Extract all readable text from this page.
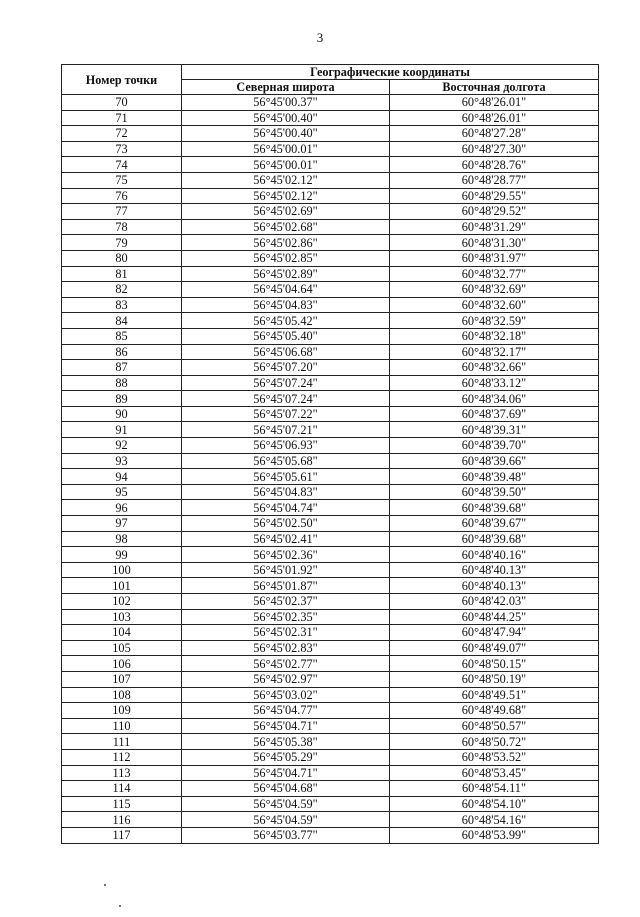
3
Номер точки	Географические координаты	
	Северная широта	Восточная долгота
70	56°45'00.37"	60°48'26.01"
71	56°45'00.40"	60°48'26.01"
72	56°45'00.40"	60°48'27.28"
73	56°45'00.01"	60°48'27.30"
74	56°45'00.01"	60°48'28.76"
75	56°45'02.12"	60°48'28.77"
76	56°45'02.12"	60°48'29.55"
77	56°45'02.69"	60°48'29.52"
78	56°45'02.68"	60°48'31.29"
79	56°45'02.86"	60°48'31.30"
80	56°45'02.85"	60°48'31.97"
81	56°45'02.89"	60°48'32.77"
82	56°45'04.64"	60°48'32.69"
83	56°45'04.83"	60°48'32.60"
84	56°45'05.42"	60°48'32.59"
85	56°45'05.40"	60°48'32.18"
86	56°45'06.68"	60°48'32.17"
87	56°45'07.20"	60°48'32.66"
88	56°45'07.24"	60°48'33.12"
89	56°45'07.24"	60°48'34.06"
90	56°45'07.22"	60°48'37.69"
91	56°45'07.21"	60°48'39.31"
92	56°45'06.93"	60°48'39.70"
93	56°45'05.68"	60°48'39.66"
94	56°45'05.61"	60°48'39.48"
95	56°45'04.83"	60°48'39.50"
96	56°45'04.74"	60°48'39.68"
97	56°45'02.50"	60°48'39.67"
98	56°45'02.41"	60°48'39.68"
99	56°45'02.36"	60°48'40.16"
100	56°45'01.92"	60°48'40.13"
101	56°45'01.87"	60°48'40.13"
102	56°45'02.37"	60°48'42.03"
103	56°45'02.35"	60°48'44.25"
104	56°45'02.31"	60°48'47.94"
105	56°45'02.83"	60°48'49.07"
106	56°45'02.77"	60°48'50.15"
107	56°45'02.97"	60°48'50.19"
108	56°45'03.02"	60°48'49.51"
109	56°45'04.77"	60°48'49.68"
110	56°45'04.71"	60°48'50.57"
111	56°45'05.38"	60°48'50.72"
112	56°45'05.29"	60°48'53.52"
113	56°45'04.71"	60°48'53.45"
114	56°45'04.68"	60°48'54.11"
115	56°45'04.59"	60°48'54.10"
116	56°45'04.59"	60°48'54.16"
117	56°45'03.77"	60°48'53.99"
